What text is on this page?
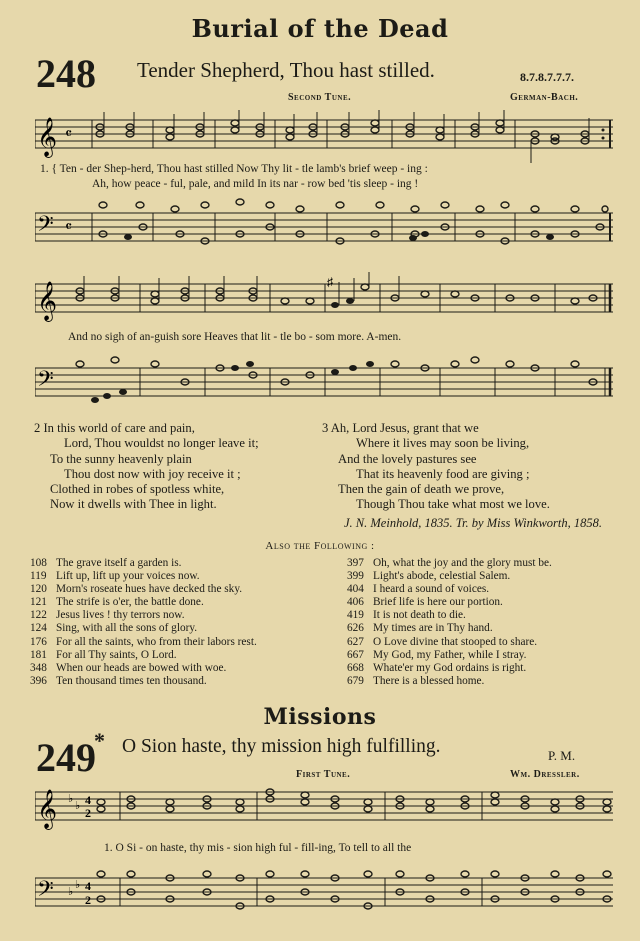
Burial of the Dead
248 Tender Shepherd, Thou hast stilled.	8.7.8.7.7.7.
Second Tune.	German-Bach.
𝄞 𝄴
1. { Ten - der Shep-herd, Thou hast stilled Now Thy lit - tle lamb's brief weep - ing :
Ah, how peace - ful, pale, and mild In its nar - row bed 'tis sleep - ing !
𝄢 𝄴
𝄞	♯
And no sigh of an-guish sore Heaves that lit - tle bo - som more. A-men.
𝄢
2 In this world of care and pain,
Lord, Thou wouldst no longer leave it;
To the sunny heavenly plain
Thou dost now with joy receive it ;
Clothed in robes of spotless white,
Now it dwells with Thee in light.
3 Ah, Lord Jesus, grant that we
Where it lives may soon be living,
And the lovely pastures see
That its heavenly food are giving ;
Then the gain of death we prove,
Though Thou take what most we love.
J. N. Meinhold, 1835. Tr. by Miss Winkworth, 1858.
Also the Following :
108 The grave itself a garden is.
119 Lift up, lift up your voices now.
120 Morn's roseate hues have decked the sky.
121 The strife is o'er, the battle done.
122 Jesus lives ! thy terrors now.
124 Sing, with all the sons of glory.
176 For all the saints, who from their labors rest.
181 For all Thy saints, O Lord.
348 When our heads are bowed with woe.
396 Ten thousand times ten thousand.
397 Oh, what the joy and the glory must be.
399 Light's abode, celestial Salem.
404 I heard a sound of voices.
406 Brief life is here our portion.
419 It is not death to die.
626 My times are in Thy hand.
627 O Love divine that stooped to share.
667 My God, my Father, while I stray.
668 Whate'er my God ordains is right.
679 There is a blessed home.
Missions
249
* O Sion haste, thy mission high fulfilling.	P. M.
First Tune.	Wm. Dressler.
𝄞 ♭
♭ 4
2
1. O Si - on haste, thy mis - sion high ful - fill-ing, To tell to all the
𝄢 ♭
♭ 4
2
